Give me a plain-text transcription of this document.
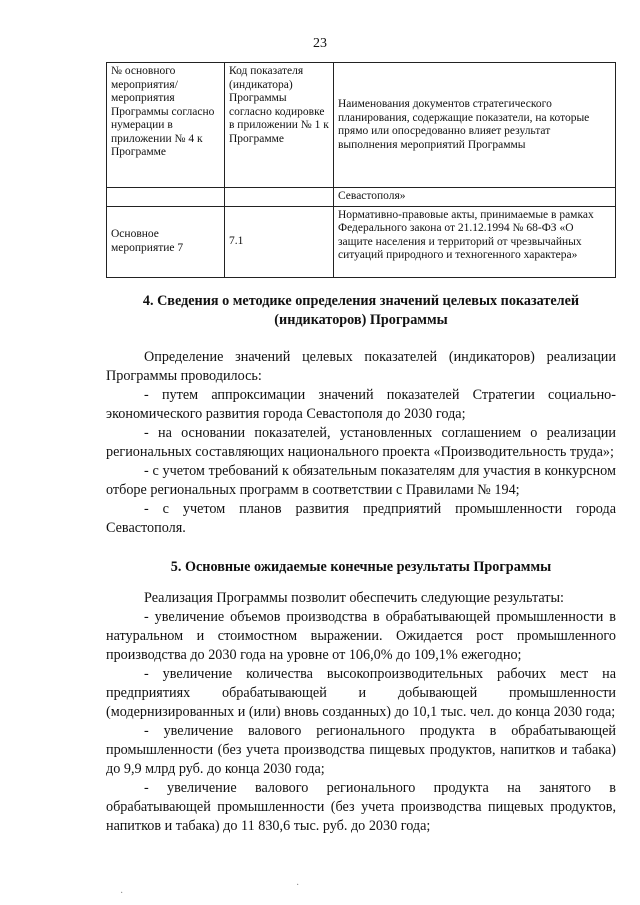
23
№ основного мероприятия/ мероприятия Программы согласно нумерации в приложении № 4 к Программе	Код показателя (индикатора) Программы согласно кодировке в приложении № 1 к Программе	Наименования документов стратегического планирования, содержащие показатели, на которые прямо или опосредованно влияет результат выполнения мероприятий Программы
		Севастополя»
Основное мероприятие 7	7.1	Нормативно-правовые акты, принимаемые в рамках Федерального закона от 21.12.1994 № 68-ФЗ «О защите населения и территорий от чрезвычайных ситуаций природного и техногенного характера»
4. Сведения о методике определения значений целевых показателей (индикаторов) Программы

Определение значений целевых показателей (индикаторов) реализации Программы проводилось:

- путем аппроксимации значений показателей Стратегии социально-экономического развития города Севастополя до 2030 года;

- на основании показателей, установленных соглашением о реализации региональных составляющих национального проекта «Производительность труда»;

- с учетом требований к обязательным показателям для участия в конкурсном отборе региональных программ в соответствии с Правилами № 194;

- с учетом планов развития предприятий промышленности города Севастополя.

5. Основные ожидаемые конечные результаты Программы

Реализация Программы позволит обеспечить следующие результаты:

- увеличение объемов производства в обрабатывающей промышленности в натуральном и стоимостном выражении. Ожидается рост промышленного производства до 2030 года на уровне от 106,0% до 109,1% ежегодно;

- увеличение количества высокопроизводительных рабочих мест на предприятиях обрабатывающей и добывающей промышленности (модернизированных и (или) вновь созданных) до 10,1 тыс. чел. до конца 2030 года;

- увеличение валового регионального продукта в обрабатывающей промышленности (без учета производства пищевых продуктов, напитков и табака) до 9,9 млрд руб. до конца 2030 года;

- увеличение валового регионального продукта на занятого в обрабатывающей промышленности (без учета производства пищевых продуктов, напитков и табака) до 11 830,6 тыс. руб. до 2030 года;

·
·
